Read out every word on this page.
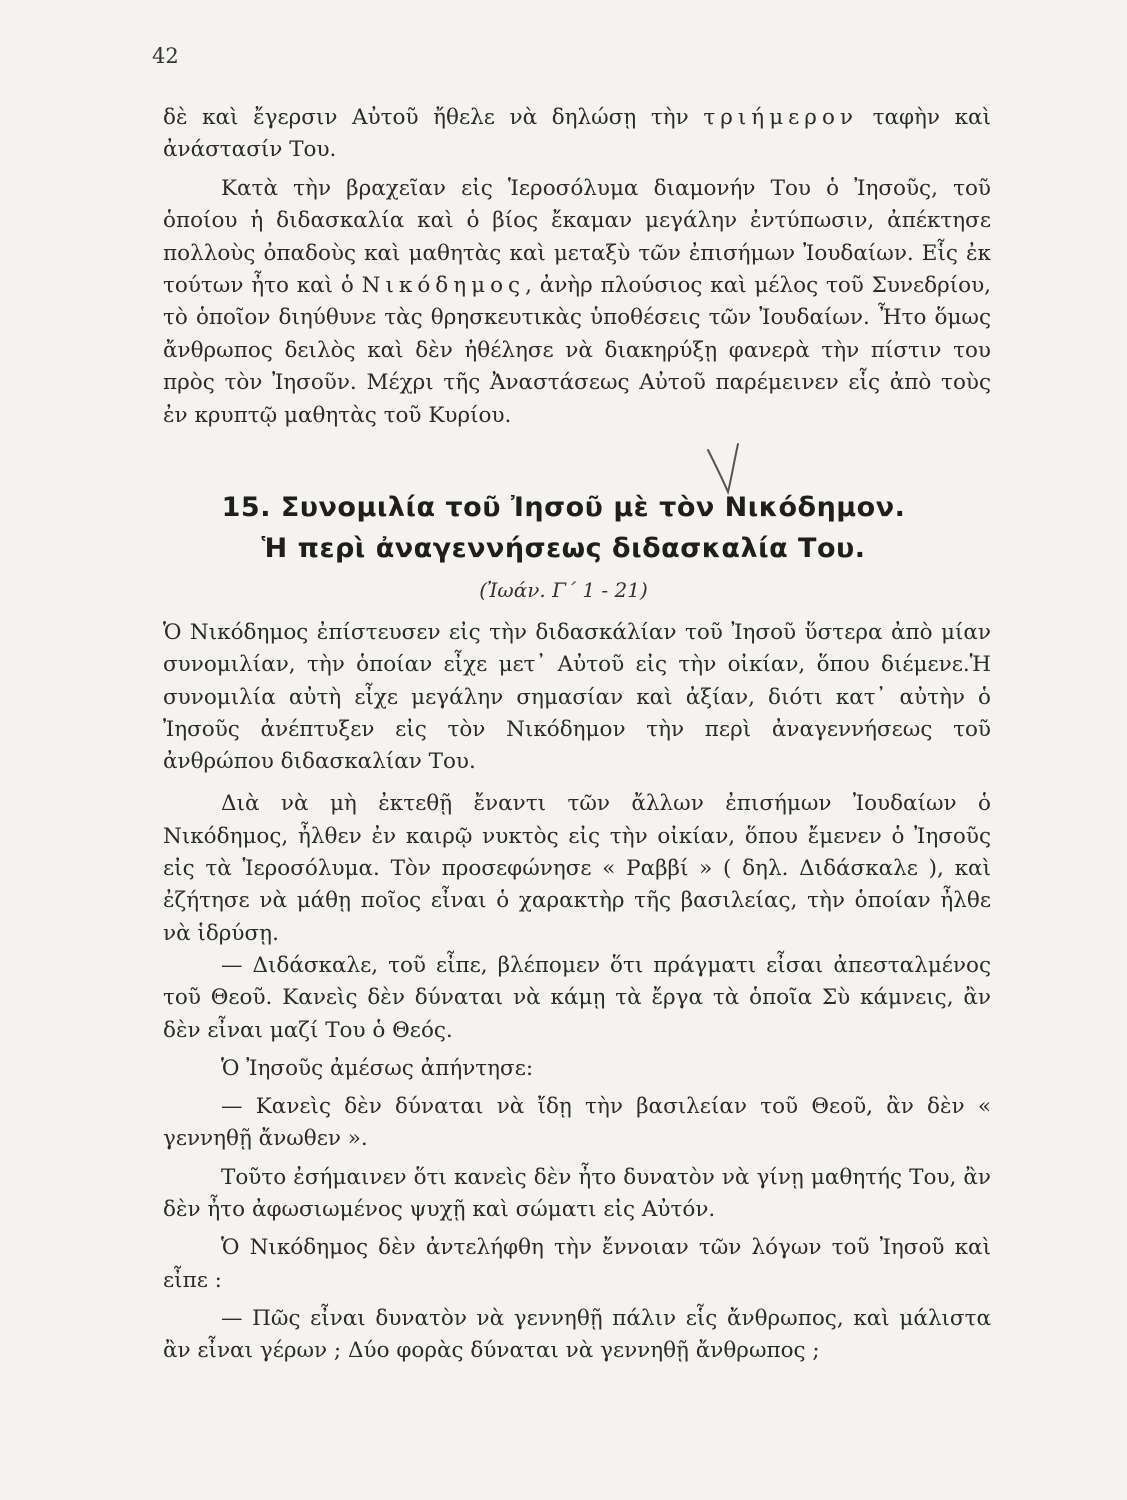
42

δὲ καὶ ἔγερσιν Αὐτοῦ ἤθελε νὰ δηλώσῃ τὴν τριήμερον ταφὴν καὶ ἀνάστασίν Του.

Κατὰ τὴν βραχεῖαν εἰς Ἱεροσόλυμα διαμονήν Του ὁ Ἰησοῦς, τοῦ ὁποίου ἡ διδασκαλία καὶ ὁ βίος ἔκαμαν μεγάλην ἐντύπωσιν, ἀπέκτησε πολλοὺς ὀπαδοὺς καὶ μαθητὰς καὶ μεταξὺ τῶν ἐπισήμων Ἰουδαίων. Εἷς ἐκ τούτων ἦτο καὶ ὁ Νικόδημος, ἀνὴρ πλούσιος καὶ μέλος τοῦ Συνεδρίου, τὸ ὁποῖον διηύθυνε τὰς θρησκευτικὰς ὑποθέσεις τῶν Ἰουδαίων. Ἦτο ὅμως ἄνθρωπος δειλὸς καὶ δὲν ἠθέλησε νὰ διακηρύξῃ φανερὰ τὴν πίστιν του πρὸς τὸν Ἰησοῦν. Μέχρι τῆς Ἀναστάσεως Αὐτοῦ παρέμεινεν εἷς ἀπὸ τοὺς ἐν κρυπτῷ μαθητὰς τοῦ Κυρίου.

15. Συνομιλία τοῦ Ἰησοῦ μὲ τὸν Νικόδημον.
Ἡ περὶ ἀναγεννήσεως διδασκαλία Του.
(Ἰωάν. Γ΄ 1 - 21)

Ὁ Νικόδημος ἐπίστευσεν εἰς τὴν διδασκάλίαν τοῦ Ἰησοῦ ὕστερα ἀπὸ μίαν συνομιλίαν, τὴν ὁποίαν εἶχε μετ᾽ Αὐτοῦ εἰς τὴν οἰκίαν, ὅπου διέμενε.Ἡ συνομιλία αὐτὴ εἶχε μεγάλην σημασίαν καὶ ἀξίαν, διότι κατ᾽ αὐτὴν ὁ Ἰησοῦς ἀνέπτυξεν εἰς τὸν Νικόδημον τὴν περὶ ἀναγεννήσεως τοῦ ἀνθρώπου διδασκαλίαν Του.

Διὰ νὰ μὴ ἐκτεθῇ ἔναντι τῶν ἄλλων ἐπισήμων Ἰουδαίων ὁ Νικόδημος, ἦλθεν ἐν καιρῷ νυκτὸς εἰς τὴν οἰκίαν, ὅπου ἔμενεν ὁ Ἰησοῦς εἰς τὰ Ἱεροσόλυμα. Τὸν προσεφώνησε « Ραββί » ( δηλ. Διδάσκαλε ), καὶ ἐζήτησε νὰ μάθῃ ποῖος εἶναι ὁ χαρακτὴρ τῆς βασιλείας, τὴν ὁποίαν ἦλθε νὰ ἱδρύσῃ.

— Διδάσκαλε, τοῦ εἶπε, βλέπομεν ὅτι πράγματι εἶσαι ἀπεσταλμένος τοῦ Θεοῦ. Κανεὶς δὲν δύναται νὰ κάμῃ τὰ ἔργα τὰ ὁποῖα Σὺ κάμνεις, ἂν δὲν εἶναι μαζί Του ὁ Θεός.

Ὁ Ἰησοῦς ἀμέσως ἀπήντησε:

— Κανεὶς δὲν δύναται νὰ ἴδῃ τὴν βασιλείαν τοῦ Θεοῦ, ἂν δὲν « γεννηθῇ ἄνωθεν ».

Τοῦτο ἐσήμαινεν ὅτι κανεὶς δὲν ἦτο δυνατὸν νὰ γίνῃ μαθητής Του, ἂν δὲν ἦτο ἀφωσιωμένος ψυχῇ καὶ σώματι εἰς Αὐτόν.

Ὁ Νικόδημος δὲν ἀντελήφθη τὴν ἔννοιαν τῶν λόγων τοῦ Ἰησοῦ καὶ εἶπε :

— Πῶς εἶναι δυνατὸν νὰ γεννηθῇ πάλιν εἷς ἄνθρωπος, καὶ μάλιστα ἂν εἶναι γέρων ; Δύο φορὰς δύναται νὰ γεννηθῇ ἄνθρωπος ;
